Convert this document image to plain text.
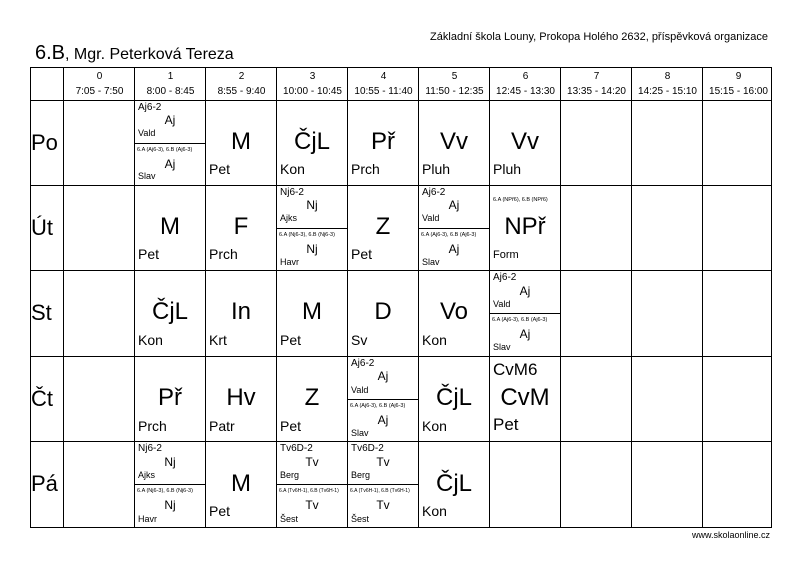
Základní škola Louny, Prokopa Holého 2632, příspěvková organizace
6.B, Mgr. Peterková Tereza
0
7:05 - 7:50
1
8:00 - 8:45
2
8:55 - 9:40
3
10:00 - 10:45
4
10:55 - 11:40
5
11:50 - 12:35
6
12:45 - 13:30
7
13:35 - 14:20
8
14:25 - 15:10
9
15:15 - 16:00
Po
Út
St
Čt
Pá
Aj6-2
Aj
Vald
6.A (Aj6-3), 6.B (Aj6-3)
Aj
Slav
M
Pet
ČjL
Kon
Př
Prch
Vv
Pluh
Vv
Pluh
M
Pet
F
Prch
Nj6-2
Nj
Ajks
6.A (Nj6-3), 6.B (Nj6-3)
Nj
Havr
Z
Pet
Aj6-2
Aj
Vald
6.A (Aj6-3), 6.B (Aj6-3)
Aj
Slav
6.A (NPř6), 6.B (NPř6)
NPř
Form
ČjL
Kon
In
Krt
M
Pet
D
Sv
Vo
Kon
Aj6-2
Aj
Vald
6.A (Aj6-3), 6.B (Aj6-3)
Aj
Slav
Př
Prch
Hv
Patr
Z
Pet
Aj6-2
Aj
Vald
6.A (Aj6-3), 6.B (Aj6-3)
Aj
Slav
ČjL
Kon
CvM6
CvM
Pet
Nj6-2
Nj
Ajks
6.A (Nj6-3), 6.B (Nj6-3)
Nj
Havr
M
Pet
Tv6D-2
Tv
Berg
6.A (Tv6H-1), 6.B (Tv6H-1)
Tv
Šest
Tv6D-2
Tv
Berg
6.A (Tv6H-1), 6.B (Tv6H-1)
Tv
Šest
ČjL
Kon
www.skolaonline.cz
